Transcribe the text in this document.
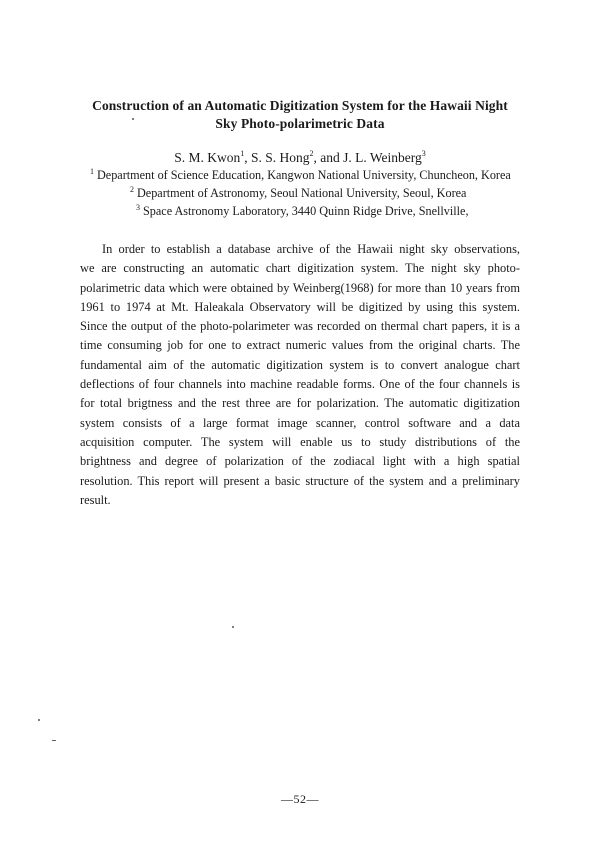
Construction of an Automatic Digitization System for the Hawaii Night
Sky Photo-polarimetric Data
S. M. Kwon$^1$, S. S. Hong$^2$, and J. L. Weinberg$^3$
$^1$ Department of Science Education, Kangwon National University, Chuncheon, Korea
$^2$ Department of Astronomy, Seoul National University, Seoul, Korea
$^3$ Space Astronomy Laboratory, 3440 Quinn Ridge Drive, Snellville,
In order to establish a database archive of the Hawaii night sky observations,
we are constructing an automatic chart digitization system. The night sky photo-
polarimetric data which were obtained by Weinberg(1968) for more than 10 years from
1961 to 1974 at Mt. Haleakala Observatory will be digitized by using this system.
Since the output of the photo-polarimeter was recorded on thermal chart papers, it is a
time consuming job for one to extract numeric values from the original charts. The
fundamental aim of the automatic digitization system is to convert analogue chart
deflections of four channels into machine readable forms. One of the four channels is
for total brigtness and the rest three are for polarization. The automatic digitization
system consists of a large format image scanner, control software and a data
acquisition computer. The system will enable us to study distributions of the
brightness and degree of polarization of the zodiacal light with a high spatial
resolution. This report will present a basic structure of the system and a preliminary
result.
—52—
